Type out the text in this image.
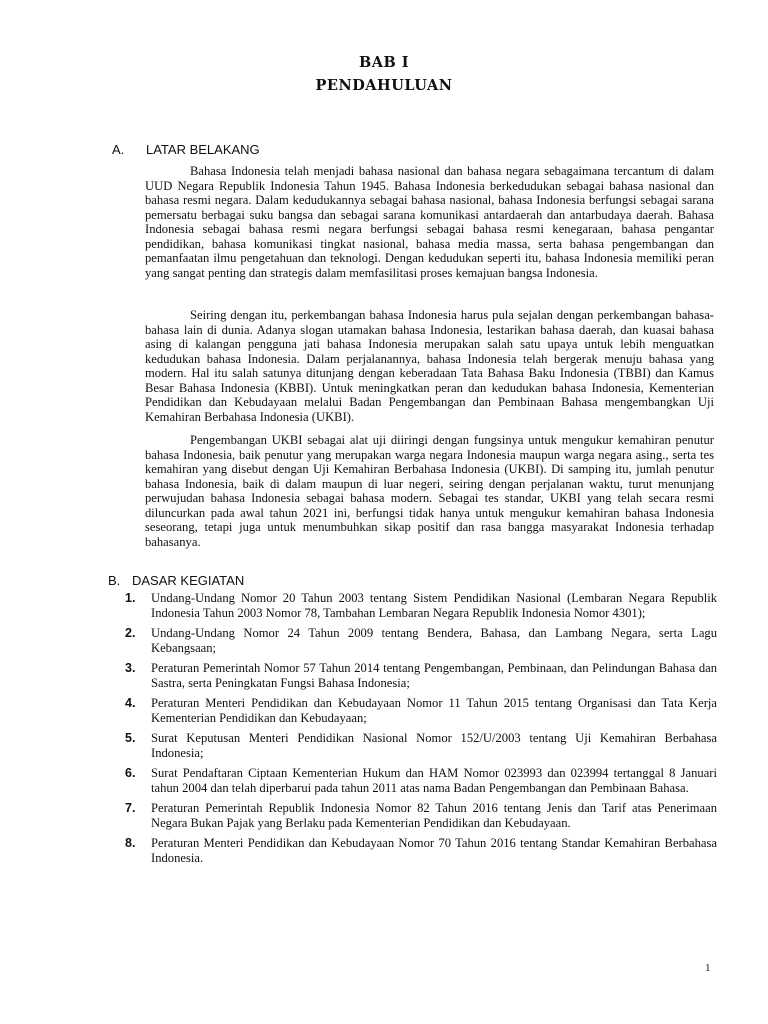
BAB I
PENDAHULUAN
A. LATAR BELAKANG

Bahasa Indonesia telah menjadi bahasa nasional dan bahasa negara sebagaimana tercantum di dalam UUD Negara Republik Indonesia Tahun 1945. Bahasa Indonesia berkedudukan sebagai bahasa nasional dan bahasa resmi negara. Dalam kedudukannya sebagai bahasa nasional, bahasa Indonesia berfungsi sebagai sarana pemersatu berbagai suku bangsa dan sebagai sarana komunikasi antardaerah dan antarbudaya daerah. Bahasa Indonesia sebagai bahasa resmi negara berfungsi sebagai bahasa resmi kenegaraan, bahasa pengantar pendidikan, bahasa komunikasi tingkat nasional, bahasa media massa, serta bahasa pengembangan dan pemanfaatan ilmu pengetahuan dan teknologi. Dengan kedudukan seperti itu, bahasa Indonesia memiliki peran yang sangat penting dan strategis dalam memfasilitasi proses kemajuan bangsa Indonesia.

Seiring dengan itu, perkembangan bahasa Indonesia harus pula sejalan dengan perkembangan bahasa-bahasa lain di dunia. Adanya slogan utamakan bahasa Indonesia, lestarikan bahasa daerah, dan kuasai bahasa asing di kalangan pengguna jati bahasa Indonesia merupakan salah satu upaya untuk lebih menguatkan kedudukan bahasa Indonesia. Dalam perjalanannya, bahasa Indonesia telah bergerak menuju bahasa yang modern. Hal itu salah satunya ditunjang dengan keberadaan Tata Bahasa Baku Indonesia (TBBI) dan Kamus Besar Bahasa Indonesia (KBBI). Untuk meningkatkan peran dan kedudukan bahasa Indonesia, Kementerian Pendidikan dan Kebudayaan melalui Badan Pengembangan dan Pembinaan Bahasa mengembangkan Uji Kemahiran Berbahasa Indonesia (UKBI).

Pengembangan UKBI sebagai alat uji diiringi dengan fungsinya untuk mengukur kemahiran penutur bahasa Indonesia, baik penutur yang merupakan warga negara Indonesia maupun warga negara asing., serta tes kemahiran yang disebut dengan Uji Kemahiran Berbahasa Indonesia (UKBI). Di samping itu, jumlah penutur bahasa Indonesia, baik di dalam maupun di luar negeri, seiring dengan perjalanan waktu, turut menunjang perwujudan bahasa Indonesia sebagai bahasa modern. Sebagai tes standar, UKBI yang telah secara resmi diluncurkan pada awal tahun 2021 ini, berfungsi tidak hanya untuk mengukur kemahiran bahasa Indonesia seseorang, tetapi juga untuk menumbuhkan sikap positif dan rasa bangga masyarakat Indonesia terhadap bahasanya.

B. DASAR KEGIATAN
1. Undang-Undang Nomor 20 Tahun 2003 tentang Sistem Pendidikan Nasional (Lembaran Negara Republik Indonesia Tahun 2003 Nomor 78, Tambahan Lembaran Negara Republik Indonesia Nomor 4301);
2. Undang-Undang Nomor 24 Tahun 2009 tentang Bendera, Bahasa, dan Lambang Negara, serta Lagu Kebangsaan;
3. Peraturan Pemerintah Nomor 57 Tahun 2014 tentang Pengembangan, Pembinaan, dan Pelindungan Bahasa dan Sastra, serta Peningkatan Fungsi Bahasa Indonesia;
4. Peraturan Menteri Pendidikan dan Kebudayaan Nomor 11 Tahun 2015 tentang Organisasi dan Tata Kerja Kementerian Pendidikan dan Kebudayaan;
5. Surat Keputusan Menteri Pendidikan Nasional Nomor 152/U/2003 tentang Uji Kemahiran Berbahasa Indonesia;
6. Surat Pendaftaran Ciptaan Kementerian Hukum dan HAM Nomor 023993 dan 023994 tertanggal 8 Januari tahun 2004 dan telah diperbarui pada tahun 2011 atas nama Badan Pengembangan dan Pembinaan Bahasa.
7. Peraturan Pemerintah Republik Indonesia Nomor 82 Tahun 2016 tentang Jenis dan Tarif atas Penerimaan Negara Bukan Pajak yang Berlaku pada Kementerian Pendidikan dan Kebudayaan.
8. Peraturan Menteri Pendidikan dan Kebudayaan Nomor 70 Tahun 2016 tentang Standar Kemahiran Berbahasa Indonesia.
1
